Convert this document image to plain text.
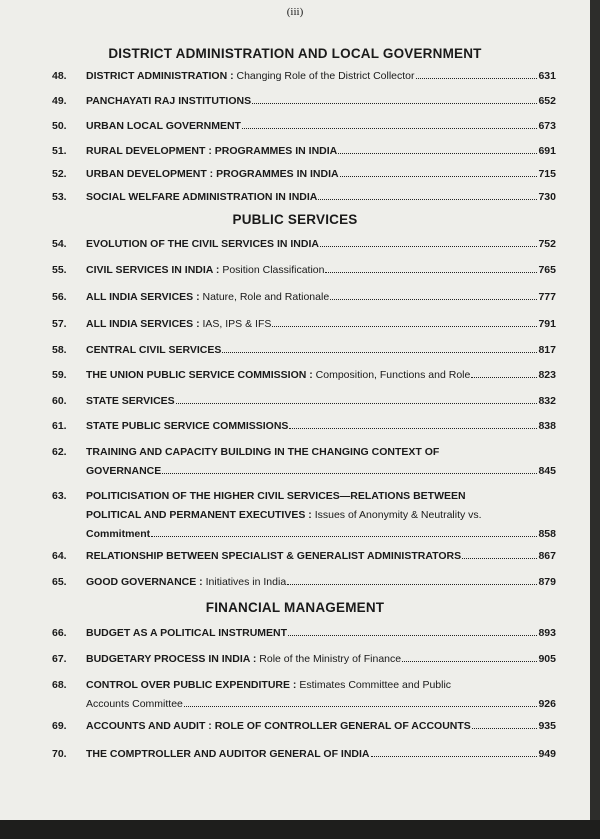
(iii)
DISTRICT ADMINISTRATION AND LOCAL GOVERNMENT
48. DISTRICT ADMINISTRATION :
Changing Role of the District Collector	631
49. PANCHAYATI RAJ INSTITUTIONS	652
50. URBAN LOCAL GOVERNMENT	673
51. RURAL DEVELOPMENT : PROGRAMMES IN INDIA	691
52. URBAN DEVELOPMENT : PROGRAMMES IN INDIA	715
53. SOCIAL WELFARE ADMINISTRATION IN INDIA	730
PUBLIC SERVICES
54. EVOLUTION OF THE CIVIL SERVICES IN INDIA	752
55. CIVIL SERVICES IN INDIA :
Position Classification	765
56. ALL INDIA SERVICES :
Nature, Role and Rationale	777
57. ALL INDIA SERVICES :
IAS, IPS & IFS	791
58. CENTRAL CIVIL SERVICES	817
59. THE UNION PUBLIC SERVICE COMMISSION :
Composition, Functions and Role	823
60. STATE SERVICES	832
61. STATE PUBLIC SERVICE COMMISSIONS	838
62. TRAINING AND CAPACITY BUILDING IN THE CHANGING CONTEXT OF
GOVERNANCE	845
63. POLITICISATION OF THE HIGHER CIVIL SERVICES—RELATIONS BETWEEN
POLITICAL AND PERMANENT EXECUTIVES : Issues of Anonymity & Neutrality vs.
Commitment	858
64. RELATIONSHIP BETWEEN SPECIALIST & GENERALIST ADMINISTRATORS	867
65. GOOD GOVERNANCE :
Initiatives in India	879
FINANCIAL MANAGEMENT
66. BUDGET AS A POLITICAL INSTRUMENT	893
67. BUDGETARY PROCESS IN INDIA :
Role of the Ministry of Finance	905
68. CONTROL OVER PUBLIC EXPENDITURE : Estimates Committee and Public
Accounts Committee	926
69. ACCOUNTS AND AUDIT : ROLE OF CONTROLLER GENERAL OF ACCOUNTS	935
70. THE COMPTROLLER AND AUDITOR GENERAL OF INDIA	949
